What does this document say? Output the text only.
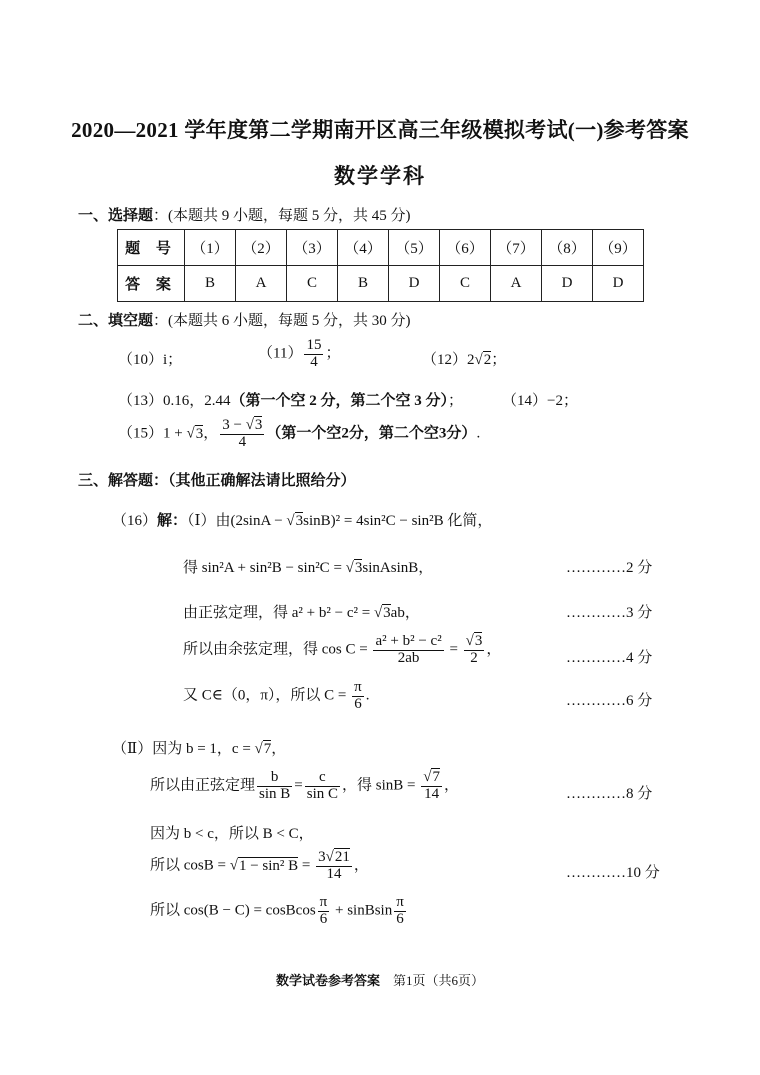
2020—2021 学年度第二学期南开区高三年级模拟考试(一)参考答案
数学学科
一、选择题：(本题共 9 小题，每题 5 分，共 45 分)
题 号	（1）	（2）	（3）	（4）	（5）	（6）	（7）	（8）	（9）
答 案	B	A	C	B	D	C	A	D	D
二、填空题：(本题共 6 小题，每题 5 分，共 30 分)
（10）i；	$(11) \frac{15}{4}$ ；	（12）2√2；
（13）0.16，2.44（第一个空 2 分，第二个空 3 分）；	（14）−2；
（15）1 + √3， $\frac{3 - √3}{4}$ （第一个空2分，第二个空3分）.
三、解答题：（其他正确解法请比照给分）
（16）解：（Ⅰ）由(2sinA − √3sinB)² = 4sin²C − sin²B 化简，
得 sin²A + sin²B − sin²C = √3sinAsinB，	…………2 分
由正弦定理，得 a² + b² − c² = √3ab，	…………3 分
所以由余弦定理，得 $\cos C = \frac{\text{a² + b² − c²}}{2ab} = \frac{√3}{2}$ ，
…………4 分
又 C∈（0，π），所以 $C = \frac{\pi}{6}$ .	…………6 分
（Ⅱ）因为 b = 1，c = √7，
所以由正弦定理 $\frac{b}{\text{sin B}} = \frac{c}{\text{sin C}}$ ，得 $\sin B = \frac{√7}{14}$ ，
…………8 分
因为 b < c，所以 B < C，
所以 cosB = √1 − sin² $B = \frac{3√21}{14}$ ，	…………10 分
所以 cos(B − C) = cosBcos $\frac{\pi}{6}$ + sinBsin $\frac{\pi}{6}$
数学试卷参考答案 第1页（共6页）
